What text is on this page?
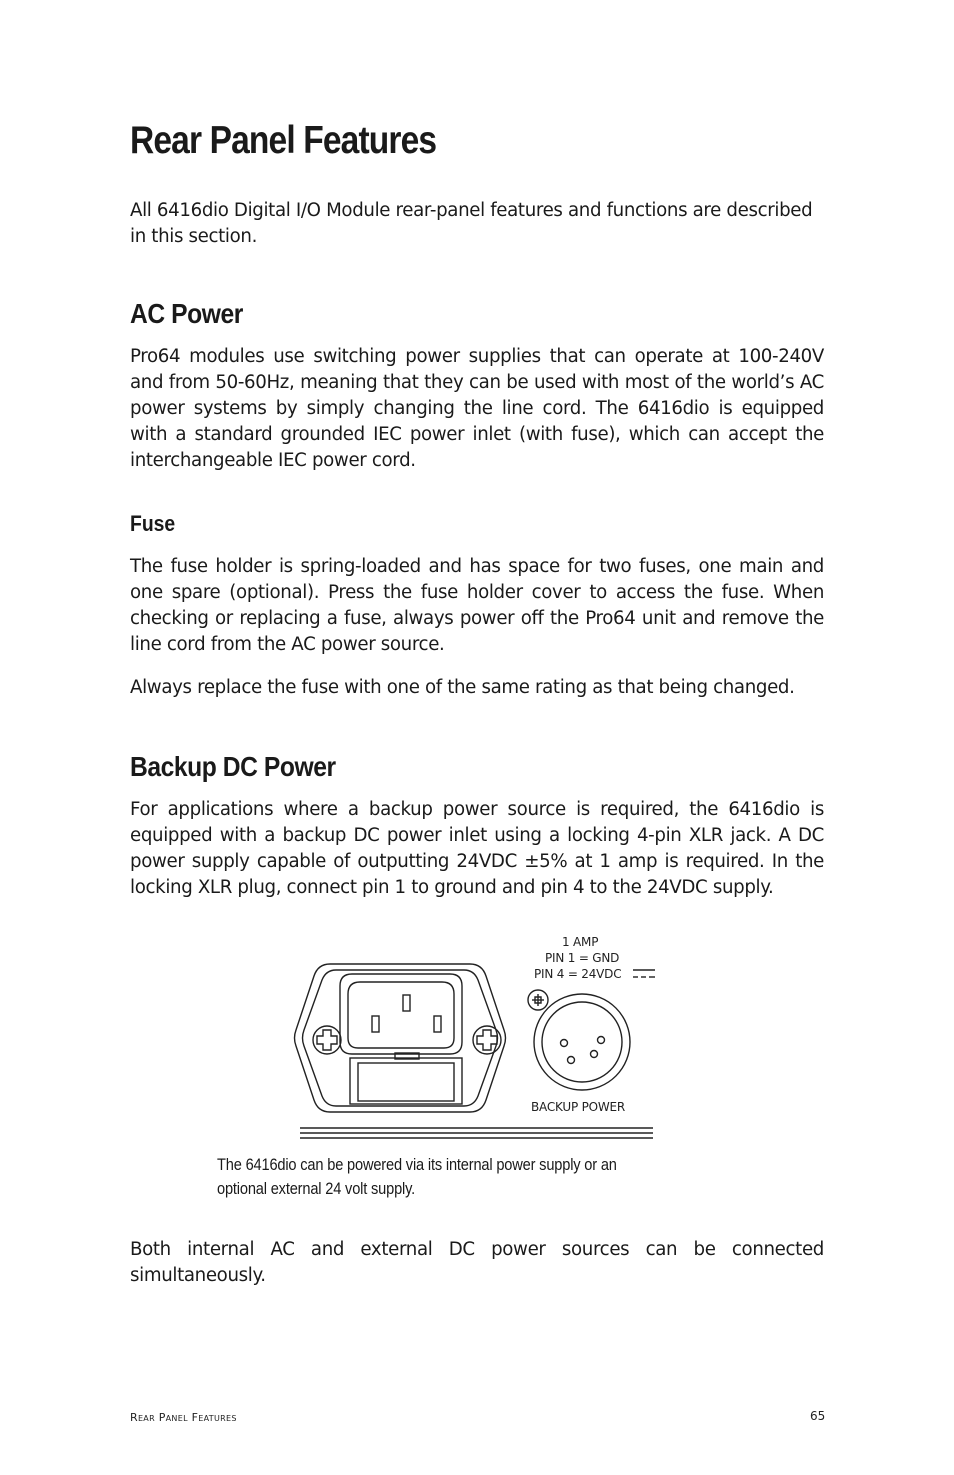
Rear Panel Features

All 6416dio Digital I/O Module rear-panel features and functions are described in this section.

AC Power

Pro64 modules use switching power supplies that can operate at 100-240V and from 50-60Hz, meaning that they can be used with most of the world’s AC power systems by simply changing the line cord. The 6416dio is equipped with a standard grounded IEC power inlet (with fuse), which can accept the interchangeable IEC power cord.

Fuse

The fuse holder is spring-loaded and has space for two fuses, one main and one spare (optional). Press the fuse holder cover to access the fuse. When checking or replacing a fuse, always power off the Pro64 unit and remove the line cord from the AC power source.

Always replace the fuse with one of the same rating as that being changed.

Backup DC Power

For applications where a backup power source is required, the 6416dio is equipped with a backup DC power inlet using a locking 4-pin XLR jack. A DC power supply capable of outputting 24VDC ±5% at 1 amp is required. In the locking XLR plug, connect pin 1 to ground and pin 4 to the 24VDC supply.

1 AMP
PIN 1 = GND
PIN 4 = 24VDC
BACKUP POWER

The 6416dio can be powered via its internal power supply or an optional external 24 volt supply.

Both internal AC and external DC power sources can be connected simultaneously.

Rear Panel Features	65
